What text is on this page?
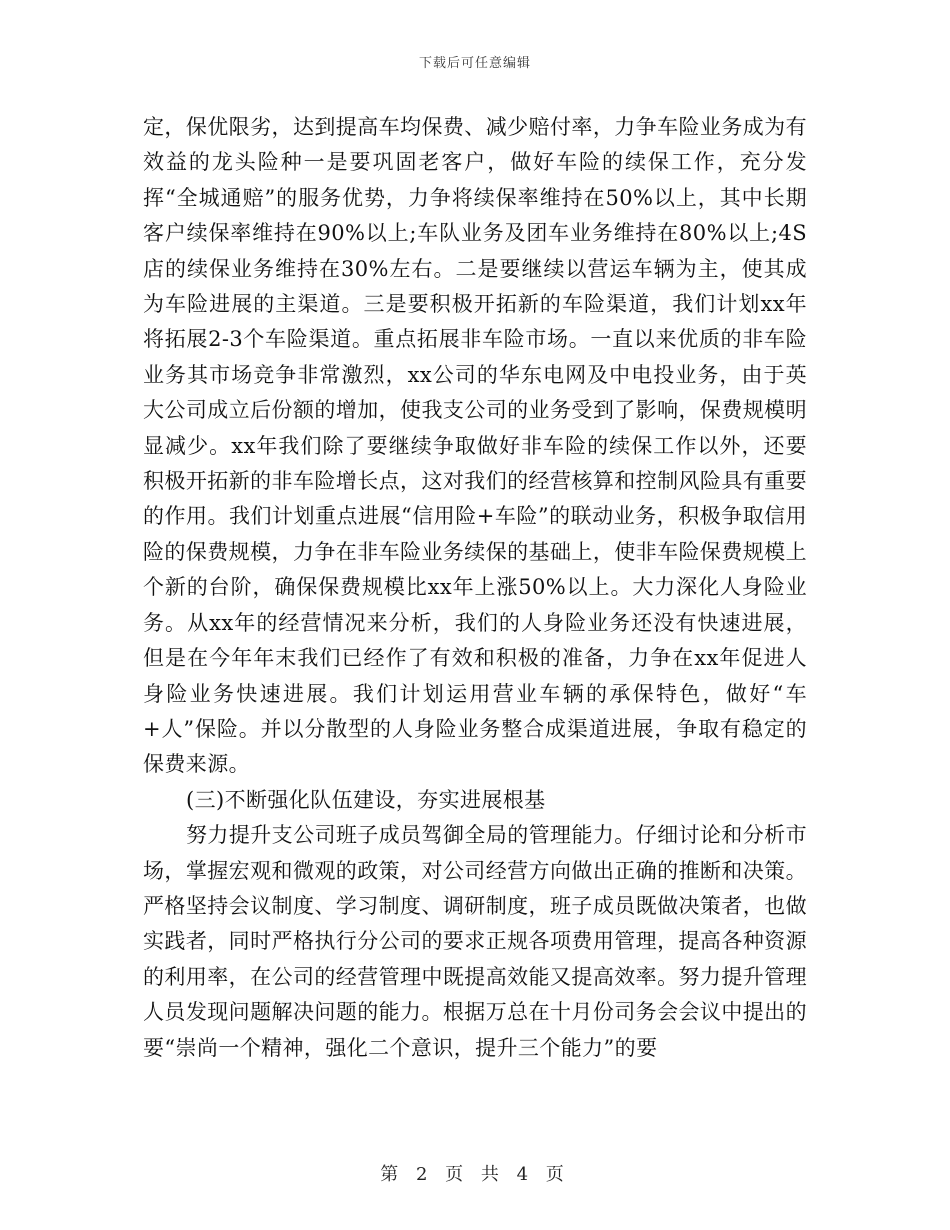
下载后可任意编辑

定，保优限劣，达到提高车均保费、减少赔付率，力争车险业务成为有效益的龙头险种一是要巩固老客户，做好车险的续保工作，充分发挥“全城通赔”的服务优势，力争将续保率维持在50%以上，其中长期客户续保率维持在90%以上;车队业务及团车业务维持在80%以上;4S店的续保业务维持在30%左右。二是要继续以营运车辆为主，使其成为车险进展的主渠道。三是要积极开拓新的车险渠道，我们计划xx年将拓展2-3个车险渠道。重点拓展非车险市场。一直以来优质的非车险业务其市场竞争非常激烈，xx公司的华东电网及中电投业务，由于英大公司成立后份额的增加，使我支公司的业务受到了影响，保费规模明显减少。xx年我们除了要继续争取做好非车险的续保工作以外，还要积极开拓新的非车险增长点，这对我们的经营核算和控制风险具有重要的作用。我们计划重点进展“信用险+车险”的联动业务，积极争取信用险的保费规模，力争在非车险业务续保的基础上，使非车险保费规模上个新的台阶，确保保费规模比xx年上涨50%以上。大力深化人身险业务。从xx年的经营情况来分析，我们的人身险业务还没有快速进展，但是在今年年末我们已经作了有效和积极的准备，力争在xx年促进人身险业务快速进展。我们计划运用营业车辆的承保特色，做好“车+人”保险。并以分散型的人身险业务整合成渠道进展，争取有稳定的保费来源。

(三)不断强化队伍建设，夯实进展根基

努力提升支公司班子成员驾御全局的管理能力。仔细讨论和分析市场，掌握宏观和微观的政策，对公司经营方向做出正确的推断和决策。严格坚持会议制度、学习制度、调研制度，班子成员既做决策者，也做实践者，同时严格执行分公司的要求正规各项费用管理，提高各种资源的利用率，在公司的经营管理中既提高效能又提高效率。努力提升管理人员发现问题解决问题的能力。根据万总在十月份司务会会议中提出的要“崇尚一个精神，强化二个意识，提升三个能力”的要

第 2 页 共 4 页
